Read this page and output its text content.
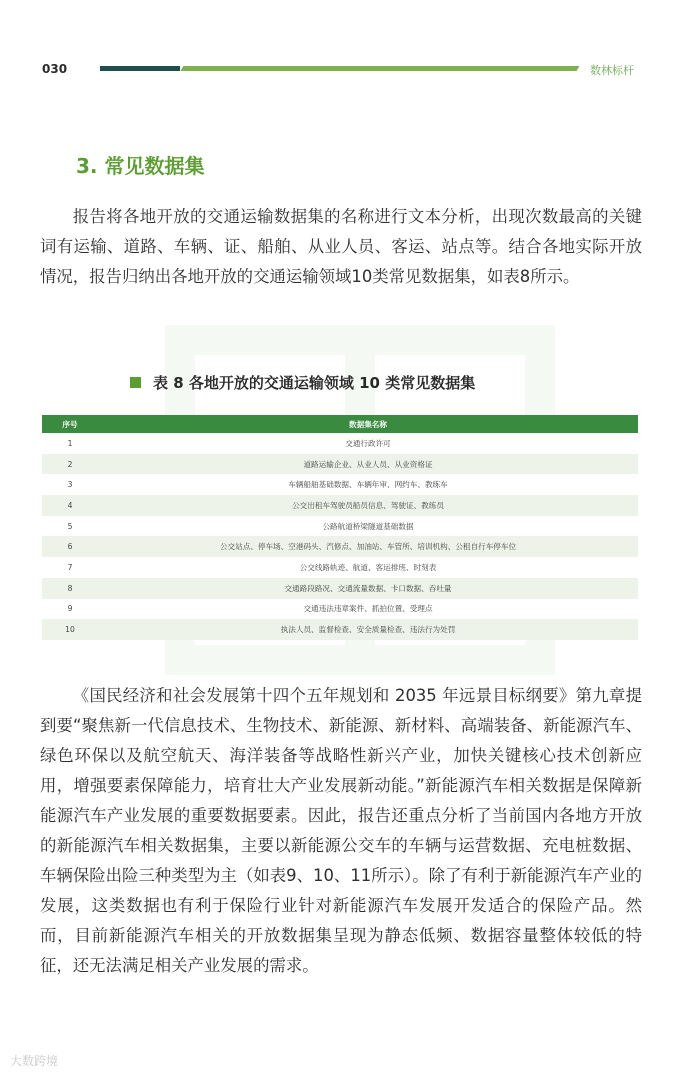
030	数林标杆
3. 常见数据集
报告将各地开放的交通运输数据集的名称进行文本分析，出现次数最高的关键词有运输、道路、车辆、证、船舶、从业人员、客运、站点等。结合各地实际开放情况，报告归纳出各地开放的交通运输领域10类常见数据集，如表8所示。
表 8 各地开放的交通运输领域 10 类常见数据集
序号	数据集名称
1	交通行政许可
2	道路运输企业、从业人员、从业资格证
3	车辆船舶基础数据、车辆年审、网约车、教练车
4	公交出租车驾驶员船员信息、驾驶证、教练员
5	公路航道桥梁隧道基础数据
6	公交站点、停车场、空港码头、汽修点、加油站、车管所、培训机构、公租自行车停车位
7	公交线路轨迹、航道、客运排班、时刻表
8	交通路段路况、交通流量数据、卡口数据、吞吐量
9	交通违法违章案件、抓拍位置、受理点
10	执法人员、监督检查、安全质量检查、违法行为处罚
《国民经济和社会发展第十四个五年规划和 2035 年远景目标纲要》第九章提到要“聚焦新一代信息技术、生物技术、新能源、新材料、高端装备、新能源汽车、绿色环保以及航空航天、海洋装备等战略性新兴产业，加快关键核心技术创新应用，增强要素保障能力，培育壮大产业发展新动能。”新能源汽车相关数据是保障新能源汽车产业发展的重要数据要素。因此，报告还重点分析了当前国内各地方开放的新能源汽车相关数据集，主要以新能源公交车的车辆与运营数据、充电桩数据、车辆保险出险三种类型为主（如表9、10、11所示）。除了有利于新能源汽车产业的发展，这类数据也有利于保险行业针对新能源汽车发展开发适合的保险产品。然而，目前新能源汽车相关的开放数据集呈现为静态低频、数据容量整体较低的特征，还无法满足相关产业发展的需求。
大数跨境
